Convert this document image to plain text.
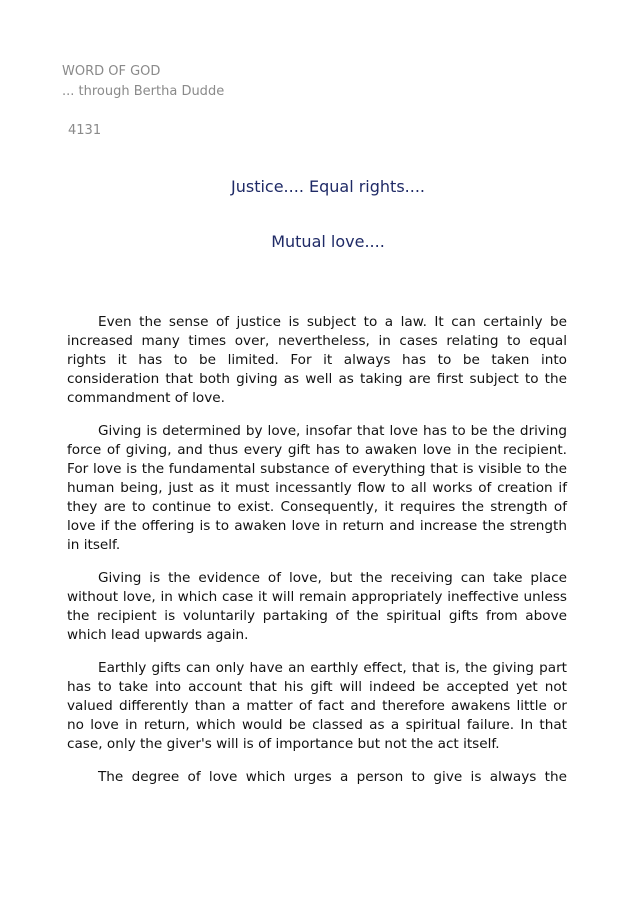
WORD OF GOD
... through Bertha Dudde
4131
Justice.... Equal rights....
Mutual love....

Even the sense of justice is subject to a law. It can certainly be increased many times over, nevertheless, in cases relating to equal rights it has to be limited. For it always has to be taken into consideration that both giving as well as taking are first subject to the commandment of love.

Giving is determined by love, insofar that love has to be the driving force of giving, and thus every gift has to awaken love in the recipient. For love is the fundamental substance of everything that is visible to the human being, just as it must incessantly flow to all works of creation if they are to continue to exist. Consequently, it requires the strength of love if the offering is to awaken love in return and increase the strength in itself.

Giving is the evidence of love, but the receiving can take place without love, in which case it will remain appropriately ineffective unless the recipient is voluntarily partaking of the spiritual gifts from above which lead upwards again.

Earthly gifts can only have an earthly effect, that is, the giving part has to take into account that his gift will indeed be accepted yet not valued differently than a matter of fact and therefore awakens little or no love in return, which would be classed as a spiritual failure. In that case, only the giver's will is of importance but not the act itself.

The degree of love which urges a person to give is always the
